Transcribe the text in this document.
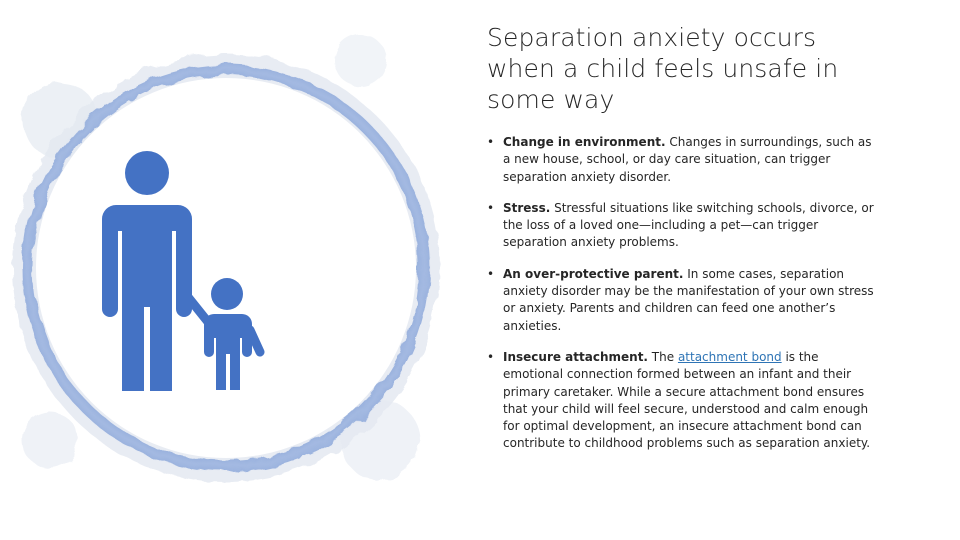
Separation anxiety occurs
when a child feels unsafe in
some way
• Change in environment. Changes in surroundings, such as a new house, school, or day care situation, can trigger separation anxiety disorder.
• Stress. Stressful situations like switching schools, divorce, or the loss of a loved one—including a pet—can trigger separation anxiety problems.
• An over-protective parent. In some cases, separation anxiety disorder may be the manifestation of your own stress or anxiety. Parents and children can feed one another’s anxieties.
• Insecure attachment. The attachment bond is the emotional connection formed between an infant and their primary caretaker. While a secure attachment bond ensures that your child will feel secure, understood and calm enough for optimal development, an insecure attachment bond can contribute to childhood problems such as separation anxiety.
